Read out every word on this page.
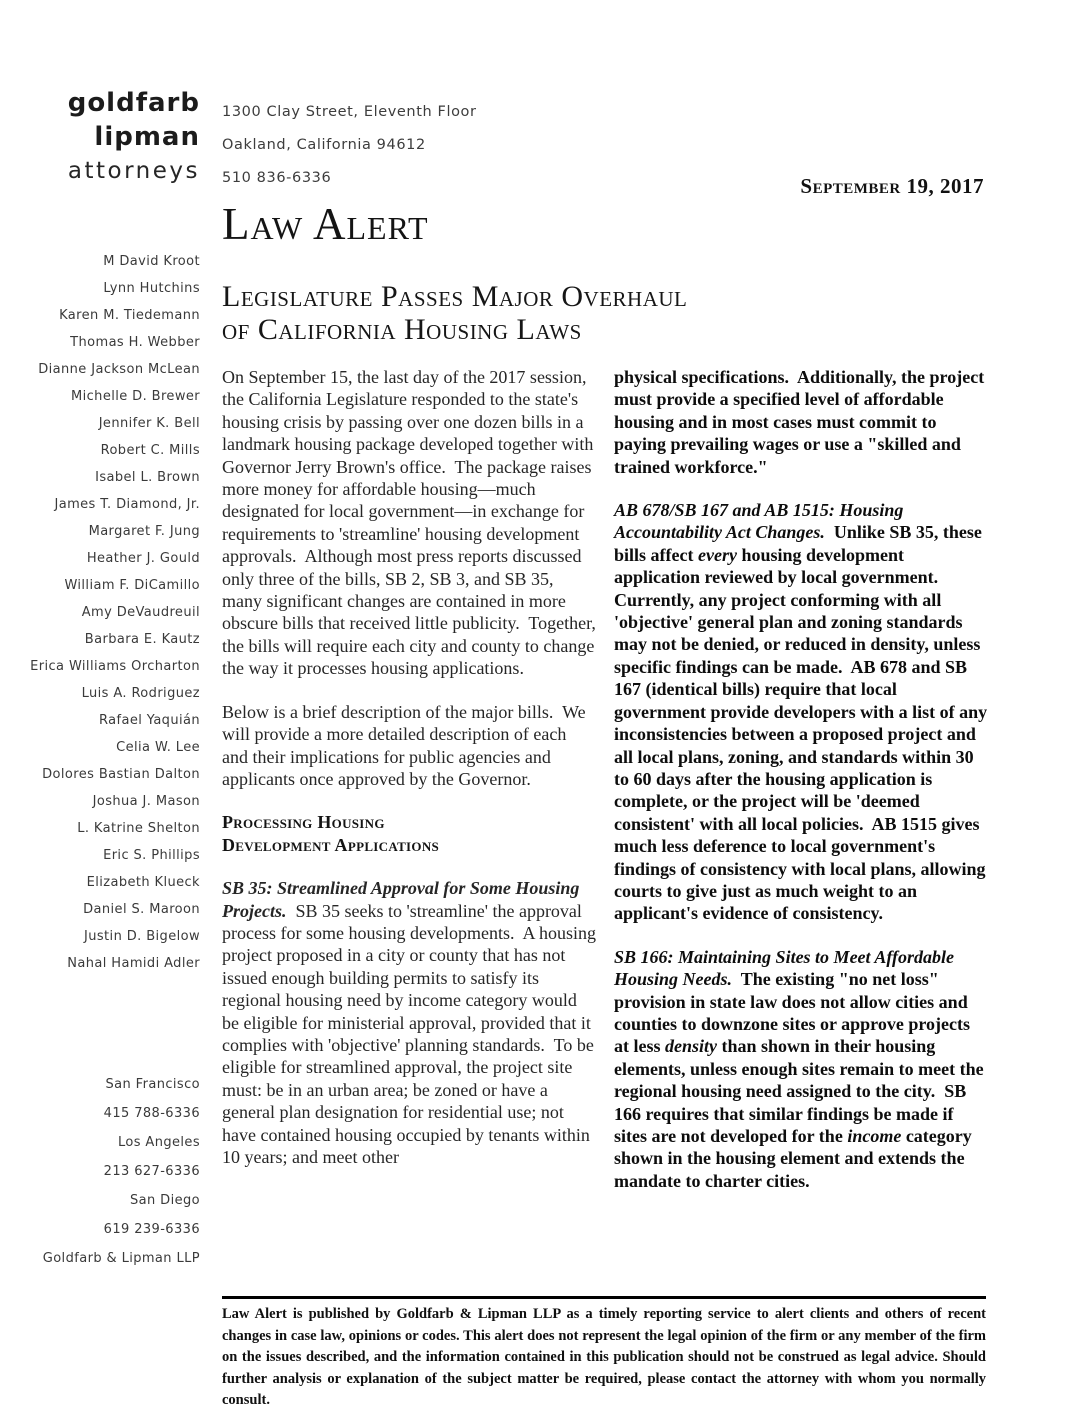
goldfarb
lipman
attorneys
M David Kroot
Lynn Hutchins
Karen M. Tiedemann
Thomas H. Webber
Dianne Jackson McLean
Michelle D. Brewer
Jennifer K. Bell
Robert C. Mills
Isabel L. Brown
James T. Diamond, Jr.
Margaret F. Jung
Heather J. Gould
William F. DiCamillo
Amy DeVaudreuil
Barbara E. Kautz
Erica Williams Orcharton
Luis A. Rodriguez
Rafael Yaquián
Celia W. Lee
Dolores Bastian Dalton
Joshua J. Mason
L. Katrine Shelton
Eric S. Phillips
Elizabeth Klueck
Daniel S. Maroon
Justin D. Bigelow
Nahal Hamidi Adler
San Francisco
415 788-6336
Los Angeles
213 627-6336
San Diego
619 239-6336
Goldfarb & Lipman LLP
1300 Clay Street, Eleventh Floor
Oakland, California 94612
510 836-6336	September 19, 2017
Law Alert
Legislature Passes Major Overhaul
of California Housing Laws

On September 15, the last day of the 2017 session, the California Legislature responded to the state's housing crisis by passing over one dozen bills in a landmark housing package developed together with Governor Jerry Brown's office.  The package raises more money for affordable housing—much designated for local government—in exchange for requirements to 'streamline' housing development approvals.  Although most press reports discussed only three of the bills, SB 2, SB 3, and SB 35, many significant changes are contained in more obscure bills that received little publicity.  Together, the bills will require each city and county to change the way it processes housing applications.

Below is a brief description of the major bills.  We will provide a more detailed description of each and their implications for public agencies and applicants once approved by the Governor.

Processing Housing
Development Applications

SB 35: Streamlined Approval for Some Housing Projects.  SB 35 seeks to 'streamline' the approval process for some housing developments.  A housing project proposed in a city or county that has not issued enough building permits to satisfy its regional housing need by income category would be eligible for ministerial approval, provided that it complies with 'objective' planning standards.  To be eligible for streamlined approval, the project site must: be in an urban area; be zoned or have a general plan designation for residential use; not have contained housing occupied by tenants within 10 years; and meet other

physical specifications.  Additionally, the project must provide a specified level of affordable housing and in most cases must commit to paying prevailing wages or use a "skilled and trained workforce."

AB 678/SB 167 and AB 1515: Housing Accountability Act Changes.  Unlike SB 35, these bills affect every housing development application reviewed by local government.  Currently, any project conforming with all 'objective' general plan and zoning standards may not be denied, or reduced in density, unless specific findings can be made.  AB 678 and SB 167 (identical bills) require that local government provide developers with a list of any inconsistencies between a proposed project and all local plans, zoning, and standards within 30 to 60 days after the housing application is complete, or the project will be 'deemed consistent' with all local policies.  AB 1515 gives much less deference to local government's findings of consistency with local plans, allowing courts to give just as much weight to an applicant's evidence of consistency.

SB 166: Maintaining Sites to Meet Affordable Housing Needs.  The existing "no net loss" provision in state law does not allow cities and counties to downzone sites or approve projects at less density than shown in their housing elements, unless enough sites remain to meet the regional housing need assigned to the city.  SB 166 requires that similar findings be made if sites are not developed for the income category shown in the housing element and extends the mandate to charter cities.

Law Alert is published by Goldfarb & Lipman LLP as a timely reporting service to alert clients and others of recent changes in case law, opinions or codes. This alert does not represent the legal opinion of the firm or any member of the firm on the issues described, and the information contained in this publication should not be construed as legal advice. Should further analysis or explanation of the subject matter be required, please contact the attorney with whom you normally consult.
